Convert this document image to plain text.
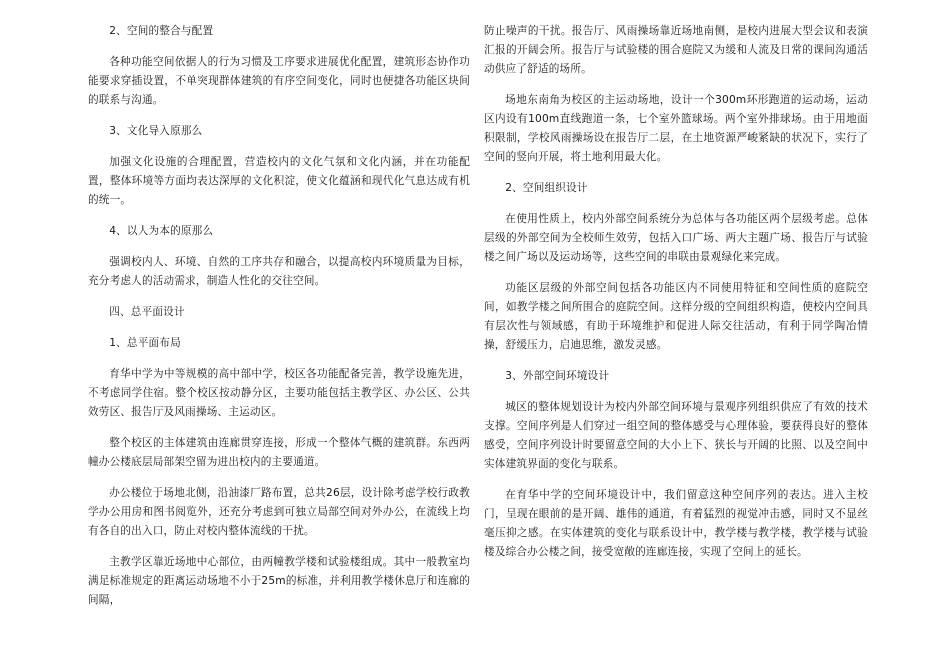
2、空间的整合与配置

各种功能空间依据人的行为习惯及工序要求进展优化配置，建筑形态协作功能要求穿插设置，不单突现群体建筑的有序空间变化，同时也便捷各功能区块间的联系与沟通。

3、文化导入原那么

加强文化设施的合理配置，营造校内的文化气氛和文化内涵，并在功能配置，整体环境等方面均表达深厚的文化积淀，使文化蕴涵和现代化气息达成有机的统一。

4、以人为本的原那么

强调校内人、环境、自然的工序共存和融合，以提高校内环境质量为目标，充分考虑人的活动需求，制造人性化的交往空间。

四、总平面设计
1、总平面布局

育华中学为中等规模的高中部中学，校区各功能配备完善，教学设施先进，不考虑同学住宿。整个校区按动静分区，主要功能包括主教学区、办公区、公共效劳区、报告厅及风雨操场、主运动区。

整个校区的主体建筑由连廊贯穿连接，形成一个整体气概的建筑群。东西两幢办公楼底层局部架空留为进出校内的主要通道。

办公楼位于场地北侧，沿油漆厂路布置，总共26层，设计除考虑学校行政教学办公用房和图书阅览外，还充分考虑到可独立局部空间对外办公，在流线上均有各自的出入口，防止对校内整体流线的干扰。

主教学区靠近场地中心部位，由两幢教学楼和试验楼组成。其中一般教室均满足标准规定的距离运动场地不小于25m的标准，并利用教学楼休息厅和连廊的间隔，

防止噪声的干扰。报告厅、风雨操场靠近场地南侧，是校内进展大型会议和表演汇报的开阔会所。报告厅与试验楼的围合庭院又为缓和人流及日常的课间沟通活动供应了舒适的场所。

场地东南角为校区的主运动场地，设计一个300m环形跑道的运动场，运动区内设有100m直线跑道一条，七个室外篮球场。两个室外排球场。由于用地面积限制，学校风雨操场设在报告厅二层，在土地资源严峻紧缺的状况下，实行了空间的竖向开展，将土地利用最大化。

2、空间组织设计

在使用性质上，校内外部空间系统分为总体与各功能区两个层级考虑。总体层级的外部空间为全校师生效劳，包括入口广场、两大主题广场、报告厅与试验楼之间广场以及运动场等，这些空间的串联由景观绿化来完成。

功能区层级的外部空间包括各功能区内不同使用特征和空间性质的庭院空间，如教学楼之间所围合的庭院空间。这样分级的空间组织构造，使校内空间具有层次性与领域感，有助于环境维护和促进人际交往活动，有利于同学陶冶情操，舒缓压力，启迪思维，激发灵感。

3、外部空间环境设计

城区的整体规划设计为校内外部空间环境与景观序列组织供应了有效的技术支撑。空间序列是人们穿过一组空间的整体感受与心理体验，要获得良好的整体感受，空间序列设计时要留意空间的大小上下、狭长与开阔的比照、以及空间中实体建筑界面的变化与联系。

在育华中学的空间环境设计中，我们留意这种空间序列的表达。进入主校门，呈现在眼前的是开阔、雄伟的通道，有着猛烈的视觉冲击感，同时又不显丝毫压抑之感。在实体建筑的变化与联系设计中，教学楼与教学楼，教学楼与试验楼及综合办公楼之间，接受宽敞的连廊连接，实现了空间上的延长。
